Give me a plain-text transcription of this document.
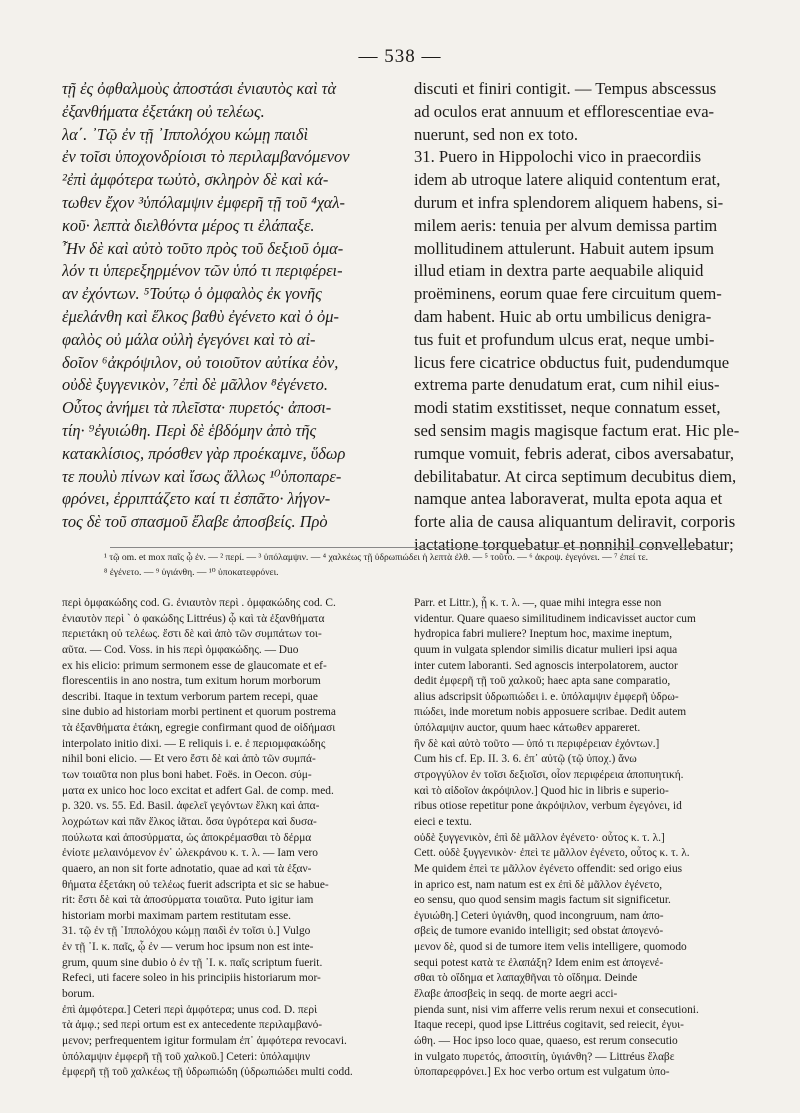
— 538 —
τῇ ἐς ὀφθαλμοὺς ἀποστάσι ἐνιαυτὸς καὶ τὰ
ἐξανθήματα ἐξετάκη οὐ τελέως.
λα΄. ᾿Τῷ ἐν τῇ ᾿Ιππολόχου κώμῃ παιδὶ
ἐν τοῖσι ὑποχονδρίοισι τὸ περιλαμβανόμενον
²ἐπὶ ἀμφότερα τωὐτὸ, σκληρὸν δὲ καὶ κά-
τωθεν ἔχον ³ὑπόλαμψιν ἐμφερῆ τῇ τοῦ ⁴χαλ-
κοῦ· λεπτὰ διελθόντα μέρος τι ἐλάπαξε.
Ἦν δὲ καὶ αὐτὸ τοῦτο πρὸς τοῦ δεξιοῦ ὁμα-
λόν τι ὑπερεξηρμένον τῶν ὑπό τι περιφέρει-
αν ἐχόντων. ⁵Τούτῳ ὁ ὀμφαλὸς ἐκ γονῆς
ἐμελάνθη καὶ ἕλκος βαθὺ ἐγένετο καὶ ὁ ὀμ-
φαλὸς οὐ μάλα οὐλὴ ἐγεγόνει καὶ τὸ αἰ-
δοῖον ⁶ἀκρόψιλον, οὐ τοιοῦτον αὐτίκα ἐὸν,
οὐδὲ ξυγγενικὸν, ⁷ἐπὶ δὲ μᾶλλον ⁸ἐγένετο.
Οὗτος ἀνήμει τὰ πλεῖστα· πυρετός· ἀποσι-
τίη· ⁹ἐγυιώθη. Περὶ δὲ ἑβδόμην ἀπὸ τῆς
κατακλίσιος, πρόσθεν γὰρ προέκαμνε, ὕδωρ
τε πουλὺ πίνων καὶ ἴσως ἄλλως ¹⁰ὑποπαρε-
φρόνει, ἐρριπτάζετο καί τι ἐσπᾶτο· λήγον-
τος δὲ τοῦ σπασμοῦ ἔλαβε ἀποσβείς. Πρὸ
discuti et finiri contigit. — Tempus abscessus
ad oculos erat annuum et efflorescentiae eva-
nuerunt, sed non ex toto.
31. Puero in Hippolochi vico in praecordiis
idem ab utroque latere aliquid contentum erat,
durum et infra splendorem aliquem habens, si-
milem aeris: tenuia per alvum demissa partim
mollitudinem attulerunt. Habuit autem ipsum
illud etiam in dextra parte aequabile aliquid
proëminens, eorum quae fere circuitum quem-
dam habent. Huic ab ortu umbilicus denigra-
tus fuit et profundum ulcus erat, neque umbi-
licus fere cicatrice obductus fuit, pudendumque
extrema parte denudatum erat, cum nihil eius-
modi statim exstitisset, neque connatum esset,
sed sensim magis magisque factum erat. Hic ple-
rumque vomuit, febris aderat, cibos aversabatur,
debilitabatur. At circa septimum decubitus diem,
namque antea laboraverat, multa epota aqua et
forte alia de causa aliquantum deliravit, corporis
iactatione torquebatur et nonnihil convellebatur;
¹ τῷ om. et mox παῖς ᾧ ἐν. — ² περί. — ³ ὑπόλαμψιν. — ⁴ χαλκέως τῇ ὑδρωπιώδει ἡ λεπτὰ ἐλθ. — ⁵ τοῦτο. — ⁶ ἀκροψ. ἐγεγόνει. — ⁷ ἐπεί τε.
⁸ ἐγένετο. — ⁹ ὑγιάνθη. — ¹⁰ ὑποκατεφρόνει.
περὶ ὀμφακώδης cod. G. ἐνιαυτὸν περὶ . ὀμφακώδης cod. C.
ἐνιαυτὸν περὶ ` ὀ φακώδης Littréus) ᾧ καὶ τὰ ἐξανθήματα
περιετάκη οὐ τελέως. ἔστι δὲ καὶ ἀπὸ τῶν συμπάτων τοι-
αῦτα. — Cod. Voss. in his περὶ ὀμφακώδης. — Duo
ex his elicio: primum sermonem esse de glaucomate et ef-
florescentiis in ano nostra, tum exitum horum morborum
describi. Itaque in textum verborum partem recepi, quae
sine dubio ad historiam morbi pertinent et quorum postrema
τὰ ἐξανθήματα ἐτάκη, egregie confirmant quod de οἰδήμασι
interpolato initio dixi. — E reliquis i. e. ἐ περιομφακώδης
nihil boni elicio. — Et vero ἔστι δὲ καὶ ἀπὸ τῶν συμπά-
των τοιαῦτα non plus boni habet. Foës. in Oecon. σύμ-
ματα ex unico hoc loco excitat et adfert Gal. de comp. med.
p. 320. vs. 55. Ed. Basil. ἀφελεῖ γεγόντων ἕλκη καὶ ἀπα-
λοχρώτων καὶ πᾶν ἕλκος ἰᾶται. ὅσα ὑγρότερα καὶ δυσα-
πούλωτα καὶ ἀποσύρματα, ὡς ἀποκρέμασθαι τὸ δέρμα
ἐνίοτε μελαινόμενον ἐν᾿ ὠλεκράνου κ. τ. λ. — Iam vero
quaero, an non sit forte adnotatio, quae ad καὶ τὰ ἐξαν-
θήματα ἐξετάκη οὐ τελέως fuerit adscripta et sic se habue-
rit: ἔστι δὲ καὶ τὰ ἀποσύρματα τοιαῦτα. Puto igitur iam
historiam morbi maximam partem restitutam esse.
31. τῷ ἐν τῇ ᾿Ιππολόχου κώμῃ παιδὶ ἐν τοῖσι ὑ.] Vulgo
ἐν τῇ ᾿Ι. κ. παῖς, ᾧ ἐν — verum hoc ipsum non est inte-
grum, quum sine dubio ὁ ἐν τῇ ᾿Ι. κ. παῖς scriptum fuerit.
Refeci, uti facere soleo in his principiis historiarum mor-
borum.
ἐπὶ ἀμφότερα.] Ceteri περὶ ἀμφότερα; unus cod. D. περὶ
τὰ ἀμφ.; sed περὶ ortum est ex antecedente περιλαμβανό-
μενον; perfrequentem igitur formulam ἐπ᾿ ἀμφότερα revocavi.
ὑπόλαμψιν ἐμφερῆ τῇ τοῦ χαλκοῦ.] Ceteri: ὑπόλαμψιν
ἐμφερῆ τῇ τοῦ χαλκέως τῇ ὑδρωπιώδη (ὑδρωπιώδει multi codd.
Parr. et Littr.), ᾗ κ. τ. λ. —, quae mihi integra esse non
videntur. Quare quaeso similitudinem indicavisset auctor cum
hydropica fabri muliere? Ineptum hoc, maxime ineptum,
quum in vulgata splendor similis dicatur mulieri ipsi aqua
inter cutem laboranti. Sed agnoscis interpolatorem, auctor
dedit ἐμφερῆ τῇ τοῦ χαλκοῦ; haec apta sane comparatio,
alius adscripsit ὑδρωπιώδει i. e. ὑπόλαμψιν ἐμφερῆ ὑδρω-
πιώδει, inde moretum nobis apposuere scribae. Dedit autem
ὑπόλαμψιν auctor, quum haec κάτωθεν appareret.
ἣν δὲ καὶ αὐτὸ τοῦτο — ὑπό τι περιφέρειαν ἐχόντων.]
Cum his cf. Ep. II. 3. 6. ἐπ᾿ αὐτῷ (τῷ ὑποχ.) ἄνω
στρογγύλον ἐν τοῖσι δεξιοῖσι, οἷον περιφέρεια ἀποπυητική.
καὶ τὸ αἰδοῖον ἀκρόψιλον.] Quod hic in libris e superio-
ribus otiose repetitur pone ἀκρόψιλον, verbum ἐγεγόνει, id
eieci e textu.
οὐδὲ ξυγγενικὸν, ἐπὶ δὲ μᾶλλον ἐγένετο· οὗτος κ. τ. λ.]
Cett. οὐδὲ ξυγγενικὸν· ἐπεὶ τε μᾶλλον ἐγένετο, οὗτος κ. τ. λ.
Me quidem ἐπεὶ τε μᾶλλον ἐγένετο offendit: sed origo eius
in aprico est, nam natum est ex ἐπὶ δὲ μᾶλλον ἐγένετο,
eo sensu, quo quod sensim magis factum sit significetur.
ἐγυιώθη.] Ceteri ὑγιάνθη, quod incongruum, nam ἀπο-
σβεὶς de tumore evanido intelligit; sed obstat ἀπογενό-
μενον δὲ, quod si de tumore item velis intelligere, quomodo
sequi potest κατὰ τε ἐλαπάξη? Idem enim est ἀπογενέ-
σθαι τὸ οἴδημα et λαπαχθῆναι τὸ οἴδημα. Deinde
ἔλαβε ἀποσβεὶς in seqq. de morte aegri acci-
pienda sunt, nisi vim afferre velis rerum nexui et consecutioni.
Itaque recepi, quod ipse Littréus cogitavit, sed reiecit, ἐγυι-
ώθη. — Hoc ipso loco quae, quaeso, est rerum consecutio
in vulgato πυρετός, ἀποσιτίη, ὑγιάνθη? — Littréus ἔλαβε
ὑποπαρεφρόνει.] Ex hoc verbo ortum est vulgatum ὑπο-
